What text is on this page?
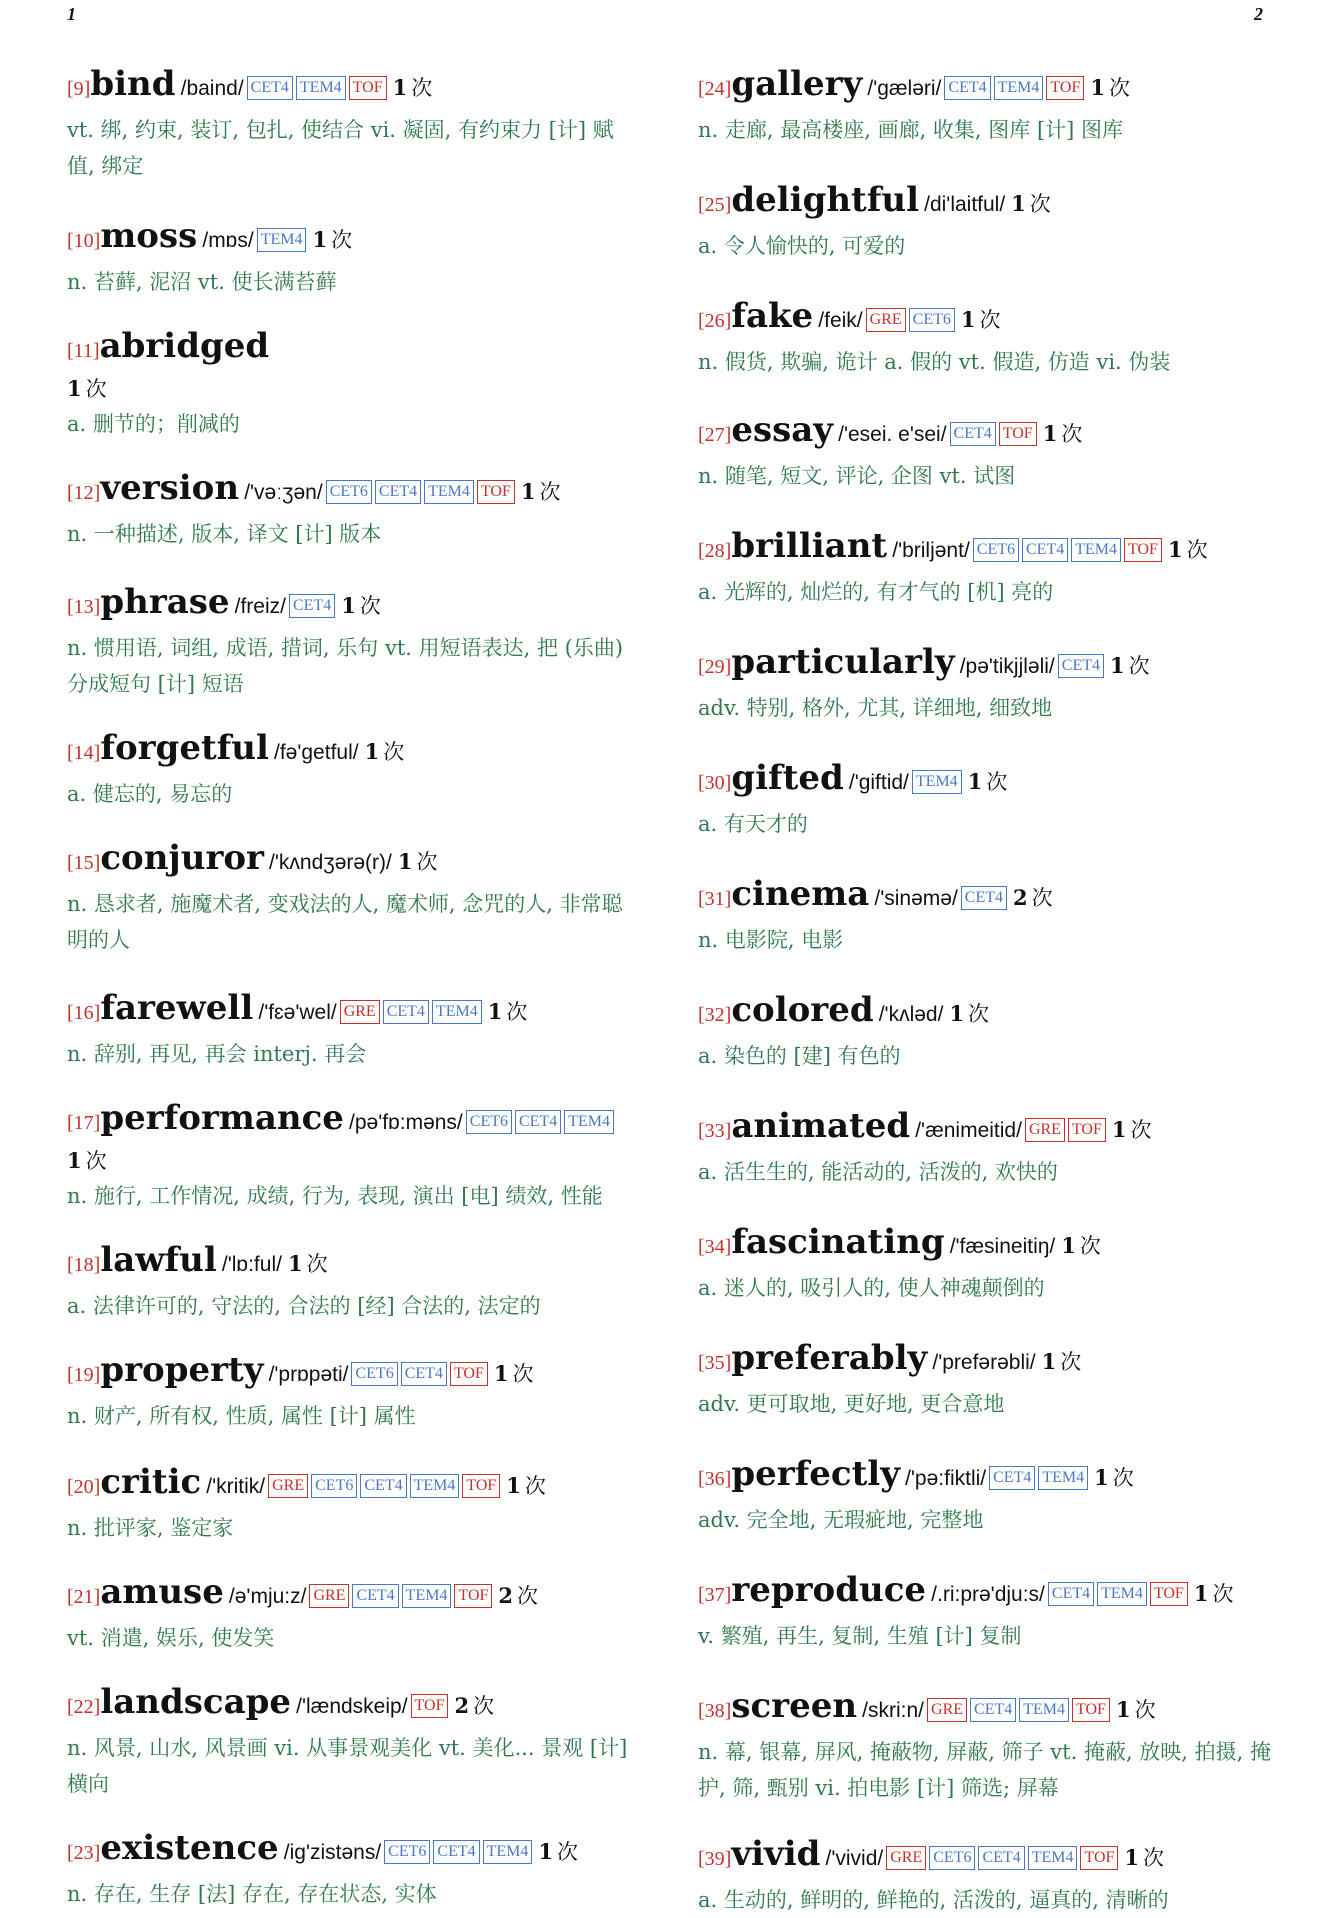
1	2
[9]bind /baind/ CET4 TEM4 TOF 1 次

vt. 绑, 约束, 装订, 包扎, 使结合 vi. 凝固, 有约束力 [计] 赋值, 绑定

[10]moss /mɒs/ TEM4 1 次

n. 苔藓, 泥沼 vt. 使长满苔藓

[11]abridged
1 次

a. 删节的；削减的

[12]version /'vəːʒən/ CET6 CET4 TEM4 TOF 1 次

n. 一种描述, 版本, 译文 [计] 版本

[13]phrase /freiz/ CET4 1 次

n. 惯用语, 词组, 成语, 措词, 乐句 vt. 用短语表达, 把 (乐曲) 分成短句 [计] 短语

[14]forgetful /fə'getful/ 1 次

a. 健忘的, 易忘的

[15]conjuror /'kʌndʒərə(r)/ 1 次

n. 恳求者, 施魔术者, 变戏法的人, 魔术师, 念咒的人, 非常聪明的人

[16]farewell /'fɛə'wel/ GRE CET4 TEM4 1 次

n. 辞别, 再见, 再会 interj. 再会

[17]performance /pə'fɒ:məns/ CET6 CET4 TEM4
1 次

n. 施行, 工作情况, 成绩, 行为, 表现, 演出 [电] 绩效, 性能

[18]lawful /'lɒ:ful/ 1 次

a. 法律许可的, 守法的, 合法的 [经] 合法的, 法定的

[19]property /'prɒpəti/ CET6 CET4 TOF 1 次

n. 财产, 所有权, 性质, 属性 [计] 属性

[20]critic /'kritik/ GRE CET6 CET4 TEM4 TOF 1 次

n. 批评家, 鉴定家

[21]amuse /ə'mju:z/ GRE CET4 TEM4 TOF 2 次

vt. 消遣, 娱乐, 使发笑

[22]landscape /'lændskeip/ TOF 2 次

n. 风景, 山水, 风景画 vi. 从事景观美化 vt. 美化... 景观 [计] 横向

[23]existence /ig'zistəns/ CET6 CET4 TEM4 1 次

n. 存在, 生存 [法] 存在, 存在状态, 实体

[24]gallery /'gæləri/ CET4 TEM4 TOF 1 次

n. 走廊, 最高楼座, 画廊, 收集, 图库 [计] 图库

[25]delightful /di'laitful/ 1 次

a. 令人愉快的, 可爱的

[26]fake /feik/ GRE CET6 1 次

n. 假货, 欺骗, 诡计 a. 假的 vt. 假造, 仿造 vi. 伪装

[27]essay /'esei. e'sei/ CET4 TOF 1 次

n. 随笔, 短文, 评论, 企图 vt. 试图

[28]brilliant /'briljənt/ CET6 CET4 TEM4 TOF 1 次

a. 光辉的, 灿烂的, 有才气的 [机] 亮的

[29]particularly /pə'tikjjləli/ CET4 1 次

adv. 特别, 格外, 尤其, 详细地, 细致地

[30]gifted /'giftid/ TEM4 1 次

a. 有天才的

[31]cinema /'sinəmə/ CET4 2 次

n. 电影院, 电影

[32]colored /'kʌləd/ 1 次

a. 染色的 [建] 有色的

[33]animated /'ænimeitid/ GRE TOF 1 次

a. 活生生的, 能活动的, 活泼的, 欢快的

[34]fascinating /'fæsineitiŋ/ 1 次

a. 迷人的, 吸引人的, 使人神魂颠倒的

[35]preferably /'prefərəbli/ 1 次

adv. 更可取地, 更好地, 更合意地

[36]perfectly /'pə:fiktli/ CET4 TEM4 1 次

adv. 完全地, 无瑕疵地, 完整地

[37]reproduce /.ri:prə'dju:s/ CET4 TEM4 TOF 1 次

v. 繁殖, 再生, 复制, 生殖 [计] 复制

[38]screen /skri:n/ GRE CET4 TEM4 TOF 1 次

n. 幕, 银幕, 屏风, 掩蔽物, 屏蔽, 筛子 vt. 掩蔽, 放映, 拍摄, 掩护, 筛, 甄别 vi. 拍电影 [计] 筛选; 屏幕

[39]vivid /'vivid/ GRE CET6 CET4 TEM4 TOF 1 次

a. 生动的, 鲜明的, 鲜艳的, 活泼的, 逼真的, 清晰的
